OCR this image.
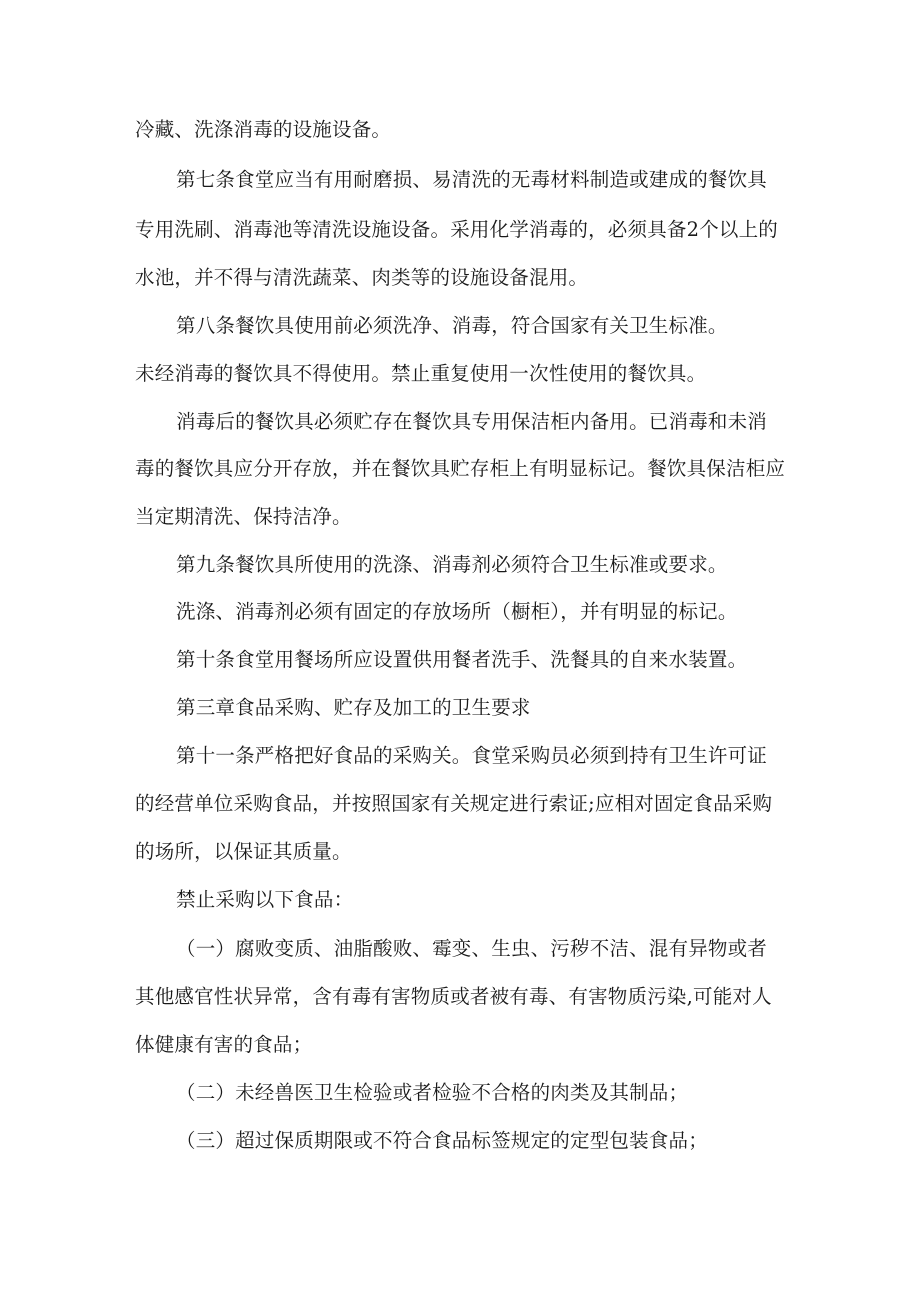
冷藏、洗涤消毒的设施设备。
第七条食堂应当有用耐磨损、易清洗的无毒材料制造或建成的餐饮具
专用洗刷、消毒池等清洗设施设备。采用化学消毒的，必须具备2个以上的
水池，并不得与清洗蔬菜、肉类等的设施设备混用。
第八条餐饮具使用前必须洗净、消毒，符合国家有关卫生标准。
未经消毒的餐饮具不得使用。禁止重复使用一次性使用的餐饮具。
消毒后的餐饮具必须贮存在餐饮具专用保洁柜内备用。已消毒和未消
毒的餐饮具应分开存放，并在餐饮具贮存柜上有明显标记。餐饮具保洁柜应
当定期清洗、保持洁净。
第九条餐饮具所使用的洗涤、消毒剂必须符合卫生标准或要求。
洗涤、消毒剂必须有固定的存放场所（橱柜），并有明显的标记。
第十条食堂用餐场所应设置供用餐者洗手、洗餐具的自来水装置。
第三章食品采购、贮存及加工的卫生要求
第十一条严格把好食品的采购关。食堂采购员必须到持有卫生许可证
的经营单位采购食品，并按照国家有关规定进行索证;应相对固定食品采购
的场所，以保证其质量。
禁止采购以下食品：
（一）腐败变质、油脂酸败、霉变、生虫、污秽不洁、混有异物或者
其他感官性状异常，含有毒有害物质或者被有毒、有害物质污染,可能对人
体健康有害的食品；
（二）未经兽医卫生检验或者检验不合格的肉类及其制品；
（三）超过保质期限或不符合食品标签规定的定型包装食品；
